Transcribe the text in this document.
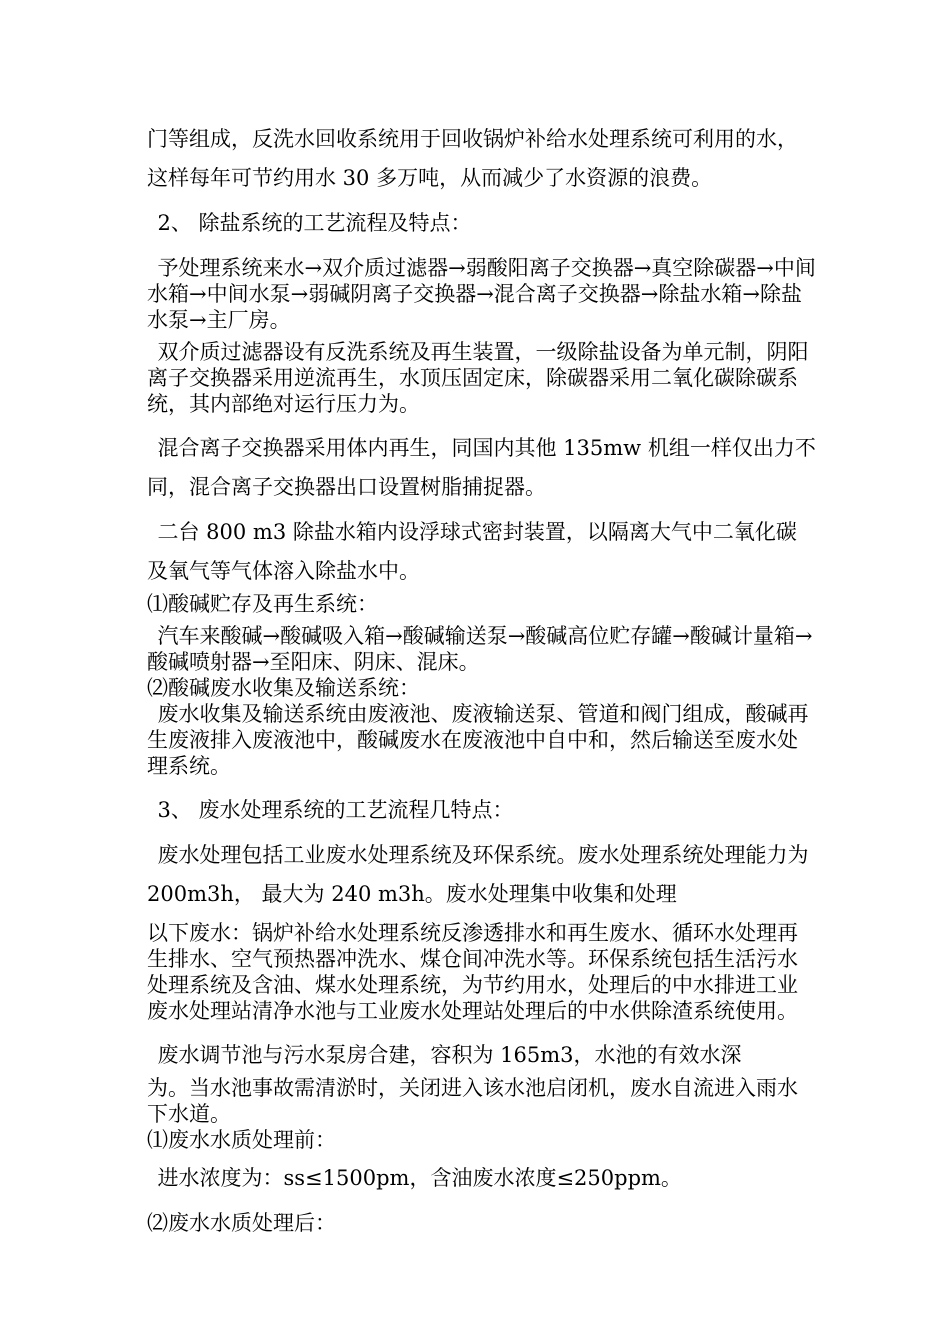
门等组成，反洗水回收系统用于回收锅炉补给水处理系统可利用的水，这样每年可节约用水 30 多万吨，从而减少了水资源的浪费。

2、 除盐系统的工艺流程及特点：

予处理系统来水→双介质过滤器→弱酸阳离子交换器→真空除碳器→中间水箱→中间水泵→弱碱阴离子交换器→混合离子交换器→除盐水箱→除盐水泵→主厂房。

双介质过滤器设有反洗系统及再生装置，一级除盐设备为单元制，阴阳离子交换器采用逆流再生，水顶压固定床，除碳器采用二氧化碳除碳系统，其内部绝对运行压力为。

混合离子交换器采用体内再生，同国内其他 135mw 机组一样仅出力不同，混合离子交换器出口设置树脂捕捉器。

二台 800 m3 除盐水箱内设浮球式密封装置，以隔离大气中二氧化碳及氧气等气体溶入除盐水中。

⑴酸碱贮存及再生系统：

汽车来酸碱→酸碱吸入箱→酸碱输送泵→酸碱高位贮存罐→酸碱计量箱→酸碱喷射器→至阳床、阴床、混床。

⑵酸碱废水收集及输送系统：

废水收集及输送系统由废液池、废液输送泵、管道和阀门组成，酸碱再生废液排入废液池中，酸碱废水在废液池中自中和，然后输送至废水处理系统。

3、 废水处理系统的工艺流程几特点：

废水处理包括工业废水处理系统及环保系统。废水处理系统处理能力为 200m3h， 最大为 240 m3h。废水处理集中收集和处理

以下废水：锅炉补给水处理系统反渗透排水和再生废水、循环水处理再生排水、空气预热器冲洗水、煤仓间冲洗水等。环保系统包括生活污水处理系统及含油、煤水处理系统，为节约用水，处理后的中水排进工业废水处理站清净水池与工业废水处理站处理后的中水供除渣系统使用。

废水调节池与污水泵房合建，容积为 165m3，水池的有效水深

为。当水池事故需清淤时，关闭进入该水池启闭机，废水自流进入雨水下水道。

⑴废水水质处理前：

进水浓度为：ss≤1500pm，含油废水浓度≤250ppm。

⑵废水水质处理后：
